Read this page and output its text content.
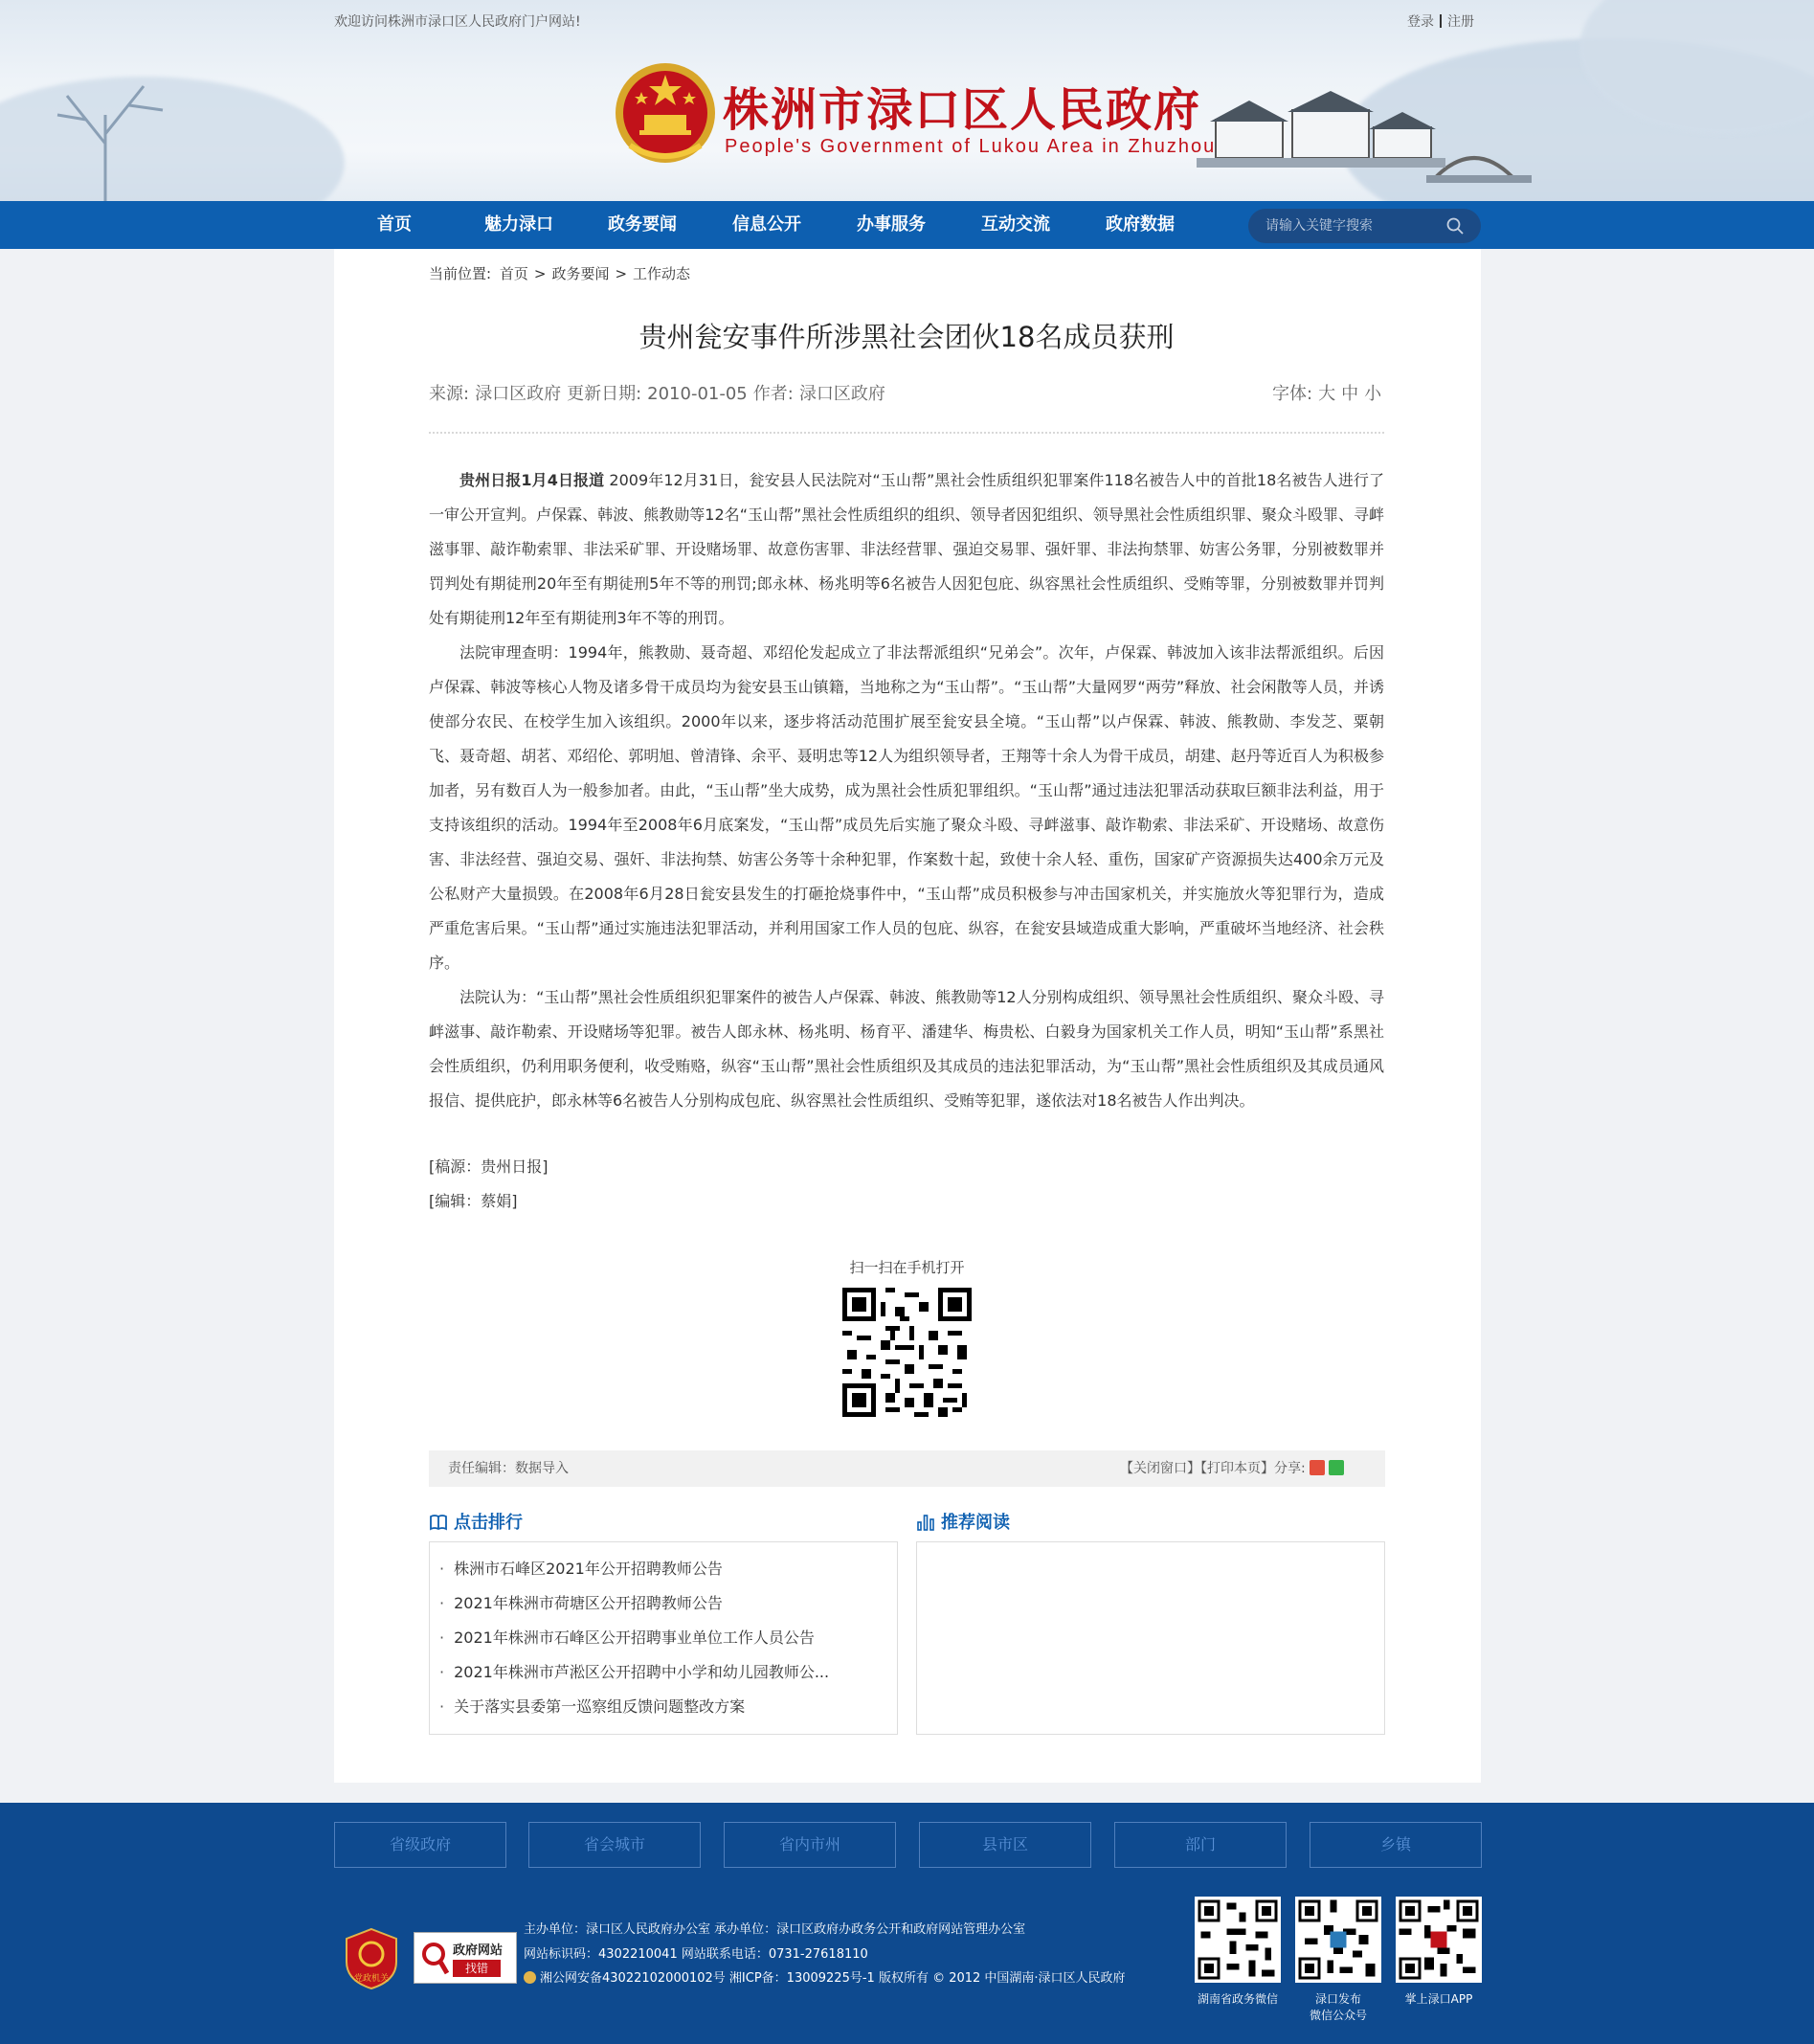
欢迎访问株洲市渌口区人民政府门户网站!	登录 注册
株洲市渌口区人民政府
People's Government of Lukou Area in Zhuzhou
首页	魅力渌口	政务要闻	信息公开	办事服务	互动交流	政府数据
请输入关键字搜索
当前位置: 首页 > 政务要闻 > 工作动态
贵州瓮安事件所涉黑社会团伙18名成员获刑
来源: 渌口区政府 更新日期: 2010-01-05 作者: 渌口区政府	字体: 大 中 小

贵州日报1月4日报道 2009年12月31日，瓮安县人民法院对“玉山帮”黑社会性质组织犯罪案件118名被告人中的首批18名被告人进行了一审公开宣判。卢保霖、韩波、熊教勋等12名“玉山帮”黑社会性质组织的组织、领导者因犯组织、领导黑社会性质组织罪、聚众斗殴罪、寻衅滋事罪、敲诈勒索罪、非法采矿罪、开设赌场罪、故意伤害罪、非法经营罪、强迫交易罪、强奸罪、非法拘禁罪、妨害公务罪，分别被数罪并罚判处有期徒刑20年至有期徒刑5年不等的刑罚;郎永林、杨兆明等6名被告人因犯包庇、纵容黑社会性质组织、受贿等罪，分别被数罪并罚判处有期徒刑12年至有期徒刑3年不等的刑罚。

法院审理查明：1994年，熊教勋、聂奇超、邓绍伦发起成立了非法帮派组织“兄弟会”。次年，卢保霖、韩波加入该非法帮派组织。后因卢保霖、韩波等核心人物及诸多骨干成员均为瓮安县玉山镇籍，当地称之为“玉山帮”。“玉山帮”大量网罗“两劳”释放、社会闲散等人员，并诱使部分农民、在校学生加入该组织。2000年以来，逐步将活动范围扩展至瓮安县全境。“玉山帮”以卢保霖、韩波、熊教勋、李发芝、粟朝飞、聂奇超、胡茗、邓绍伦、郭明旭、曾清锋、余平、聂明忠等12人为组织领导者，王翔等十余人为骨干成员，胡建、赵丹等近百人为积极参加者，另有数百人为一般参加者。由此，“玉山帮”坐大成势，成为黑社会性质犯罪组织。“玉山帮”通过违法犯罪活动获取巨额非法利益，用于支持该组织的活动。1994年至2008年6月底案发，“玉山帮”成员先后实施了聚众斗殴、寻衅滋事、敲诈勒索、非法采矿、开设赌场、故意伤害、非法经营、强迫交易、强奸、非法拘禁、妨害公务等十余种犯罪，作案数十起，致使十余人轻、重伤，国家矿产资源损失达400余万元及公私财产大量损毁。在2008年6月28日瓮安县发生的打砸抢烧事件中，“玉山帮”成员积极参与冲击国家机关，并实施放火等犯罪行为，造成严重危害后果。“玉山帮”通过实施违法犯罪活动，并利用国家工作人员的包庇、纵容，在瓮安县域造成重大影响，严重破坏当地经济、社会秩序。

法院认为：“玉山帮”黑社会性质组织犯罪案件的被告人卢保霖、韩波、熊教勋等12人分别构成组织、领导黑社会性质组织、聚众斗殴、寻衅滋事、敲诈勒索、开设赌场等犯罪。被告人郎永林、杨兆明、杨育平、潘建华、梅贵松、白毅身为国家机关工作人员，明知“玉山帮”系黑社会性质组织，仍利用职务便利，收受贿赂，纵容“玉山帮”黑社会性质组织及其成员的违法犯罪活动，为“玉山帮”黑社会性质组织及其成员通风报信、提供庇护，郎永林等6名被告人分别构成包庇、纵容黑社会性质组织、受贿等犯罪，遂依法对18名被告人作出判决。

[稿源：贵州日报]
[编辑：蔡娟]
扫一扫在手机打开
责任编辑：数据导入	【关闭窗口】【打印本页】分享:
点击排行
· 株洲市石峰区2021年公开招聘教师公告
· 2021年株洲市荷塘区公开招聘教师公告
· 2021年株洲市石峰区公开招聘事业单位工作人员公告
· 2021年株洲市芦淞区公开招聘中小学和幼儿园教师公...
· 关于落实县委第一巡察组反馈问题整改方案
推荐阅读
省级政府	省会城市	省内市州	县市区	部门	乡镇
党政机关
政府网站
找错
主办单位：渌口区人民政府办公室 承办单位：渌口区政府办政务公开和政府网站管理办公室
网站标识码：4302210041 网站联系电话：0731-27618110
湘公网安备43022102000102号 湘ICP备：13009225号-1 版权所有 © 2012 中国湖南·渌口区人民政府
湖南省政务微信	渌口发布
微信公众号
掌上渌口APP
